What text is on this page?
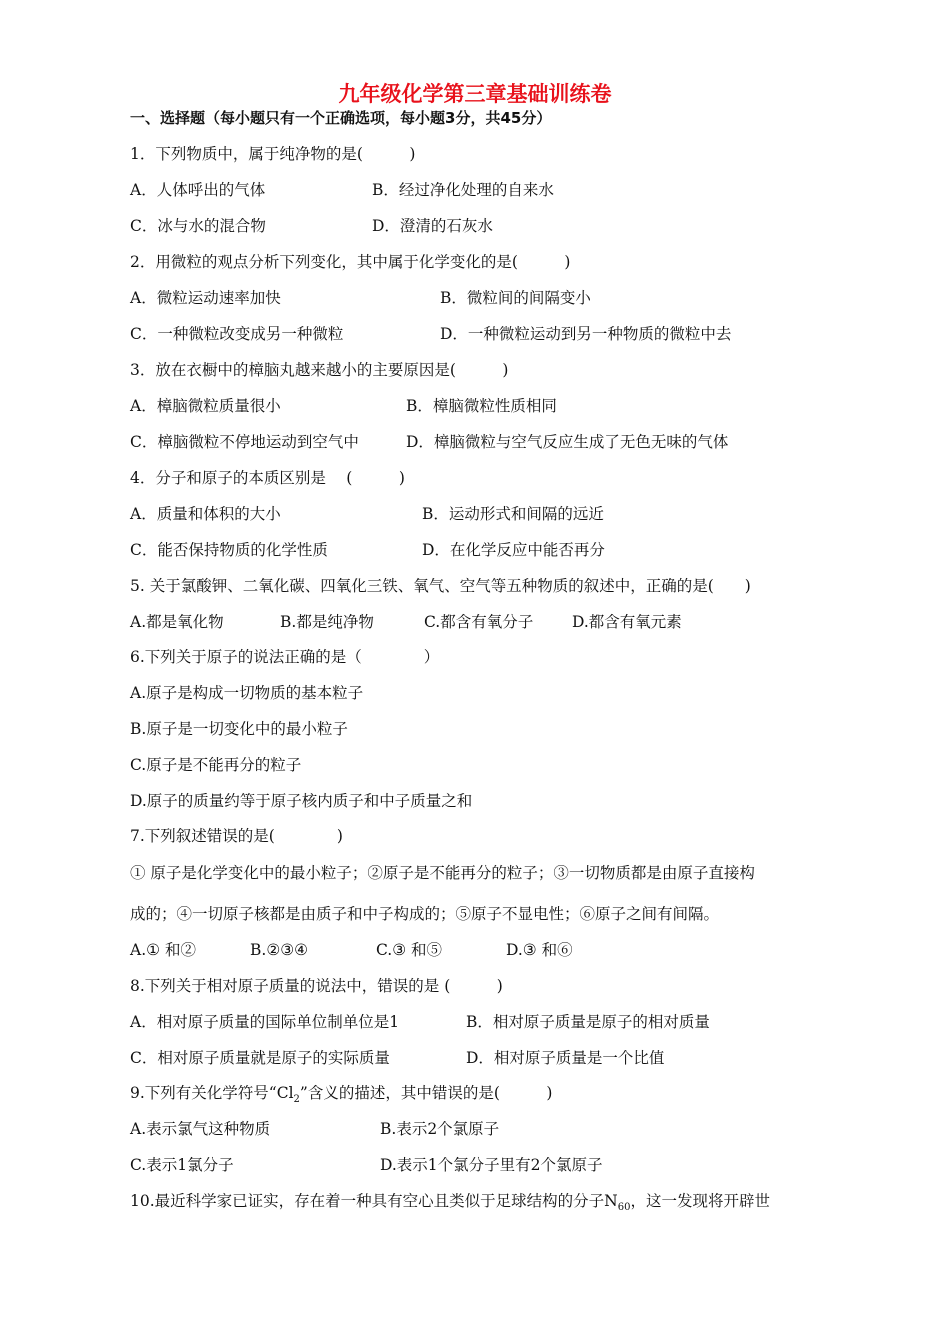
九年级化学第三章基础训练卷
一、选择题（每小题只有一个正确选项，每小题3分，共45分）
1．下列物质中，属于纯净物的是(　　　)
A．人体呼出的气体	B．经过净化处理的自来水
C．冰与水的混合物	D．澄清的石灰水
2．用微粒的观点分析下列变化，其中属于化学变化的是(　　　)
A．微粒运动速率加快	B．微粒间的间隔变小
C．一种微粒改变成另一种微粒	D．一种微粒运动到另一种物质的微粒中去
3．放在衣橱中的樟脑丸越来越小的主要原因是(　　　)
A．樟脑微粒质量很小	B．樟脑微粒性质相同
C．樟脑微粒不停地运动到空气中	D．樟脑微粒与空气反应生成了无色无味的气体
4．分子和原子的本质区别是　 (　　　)
A．质量和体积的大小	B．运动形式和间隔的远近
C．能否保持物质的化学性质	D．在化学反应中能否再分
5. 关于氯酸钾、二氧化碳、四氧化三铁、氧气、空气等五种物质的叙述中，正确的是(　　)
A.都是氧化物	B.都是纯净物	C.都含有氧分子	D.都含有氧元素
6.下列关于原子的说法正确的是（　　　　）
A.原子是构成一切物质的基本粒子
B.原子是一切变化中的最小粒子
C.原子是不能再分的粒子
D.原子的质量约等于原子核内质子和中子质量之和
7.下列叙述错误的是(　　　　)
① 原子是化学变化中的最小粒子；②原子是不能再分的粒子；③一切物质都是由原子直接构
成的；④一切原子核都是由质子和中子构成的；⑤原子不显电性；⑥原子之间有间隔。
A.① 和②	B.②③④	C.③ 和⑤	D.③ 和⑥
8.下列关于相对原子质量的说法中，错误的是 (　　　)
A．相对原子质量的国际单位制单位是1	B．相对原子质量是原子的相对质量
C．相对原子质量就是原子的实际质量	D．相对原子质量是一个比值
9.下列有关化学符号“$Cl_2$”含义的描述，其中错误的是(　　　)
A.表示氯气这种物质	B.表示2个氯原子
C.表示1氯分子	D.表示1个氯分子里有2个氯原子
10.最近科学家已证实，存在着一种具有空心且类似于足球结构的分子$N_{60}$，这一发现将开辟世
